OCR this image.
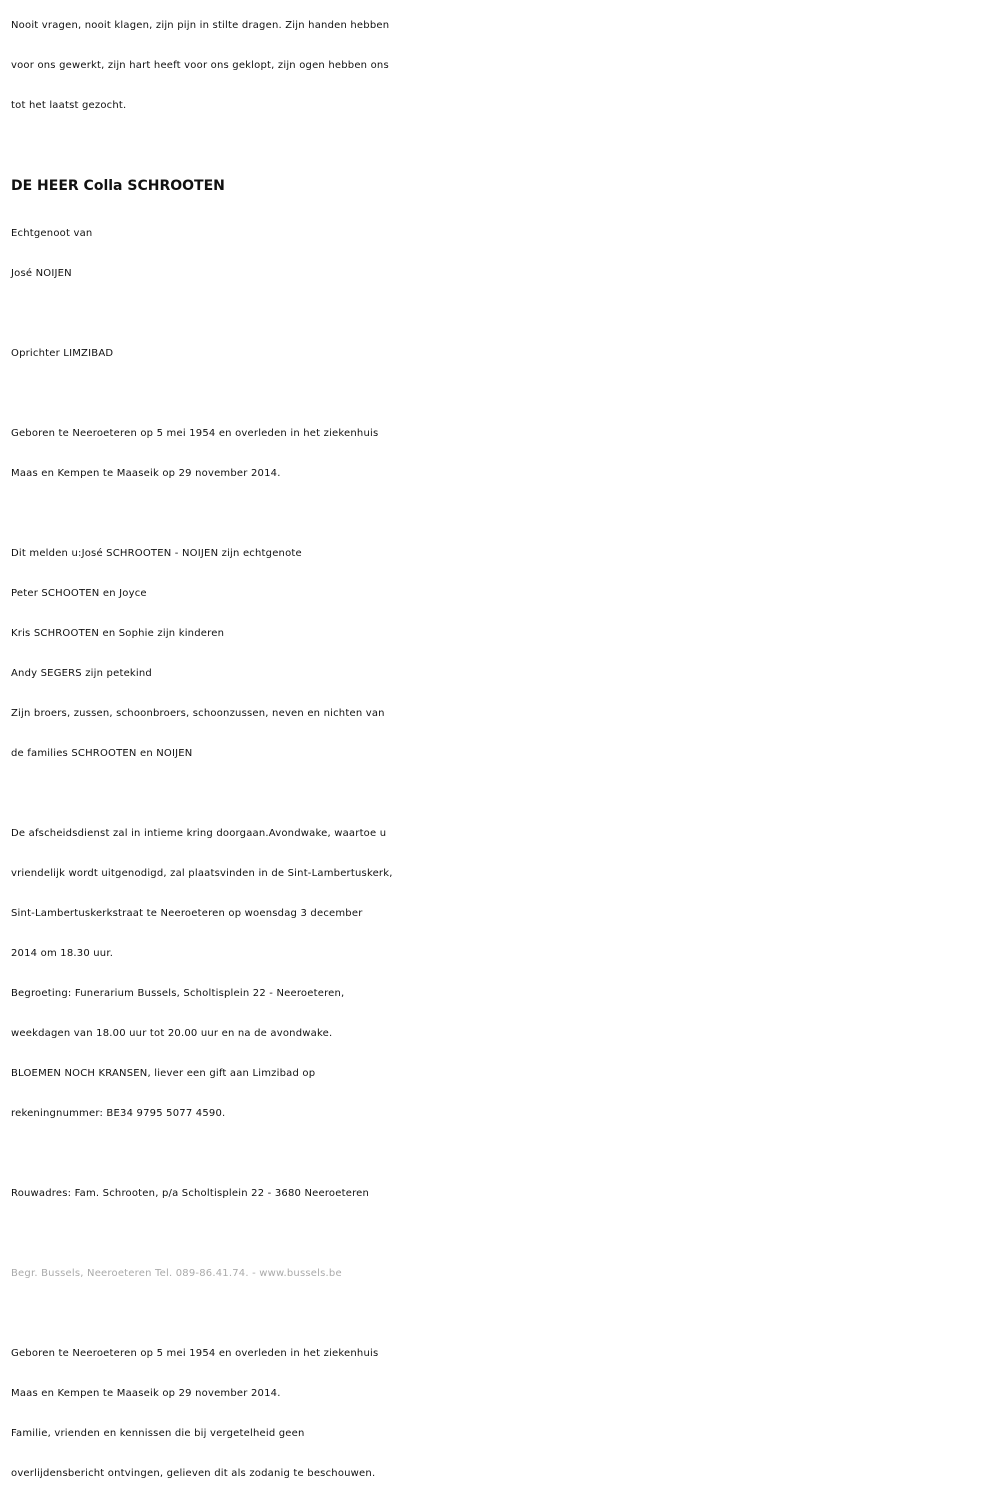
Nooit vragen, nooit klagen, zijn pijn in stilte dragen. Zijn handen hebben
voor ons gewerkt, zijn hart heeft voor ons geklopt, zijn ogen hebben ons
tot het laatst gezocht.
DE HEER Colla SCHROOTEN
Echtgenoot van
José NOIJEN
Oprichter LIMZIBAD
Geboren te Neeroeteren op 5 mei 1954 en overleden in het ziekenhuis
Maas en Kempen te Maaseik op 29 november 2014.
Dit melden u:José SCHROOTEN - NOIJEN zijn echtgenote
Peter SCHOOTEN en Joyce
Kris SCHROOTEN en Sophie zijn kinderen
Andy SEGERS zijn petekind
Zijn broers, zussen, schoonbroers, schoonzussen, neven en nichten van
de families SCHROOTEN en NOIJEN
De afscheidsdienst zal in intieme kring doorgaan.Avondwake, waartoe u
vriendelijk wordt uitgenodigd, zal plaatsvinden in de Sint-Lambertuskerk,
Sint-Lambertuskerkstraat te Neeroeteren op woensdag 3 december
2014 om 18.30 uur.
Begroeting: Funerarium Bussels, Scholtisplein 22 - Neeroeteren,
weekdagen van 18.00 uur tot 20.00 uur en na de avondwake.
BLOEMEN NOCH KRANSEN, liever een gift aan Limzibad op
rekeningnummer: BE34 9795 5077 4590.
Rouwadres: Fam. Schrooten, p/a Scholtisplein 22 - 3680 Neeroeteren
Begr. Bussels, Neeroeteren Tel. 089-86.41.74. - www.bussels.be
Geboren te Neeroeteren op 5 mei 1954 en overleden in het ziekenhuis
Maas en Kempen te Maaseik op 29 november 2014.
Familie, vrienden en kennissen die bij vergetelheid geen
overlijdensbericht ontvingen, gelieven dit als zodanig te beschouwen.
